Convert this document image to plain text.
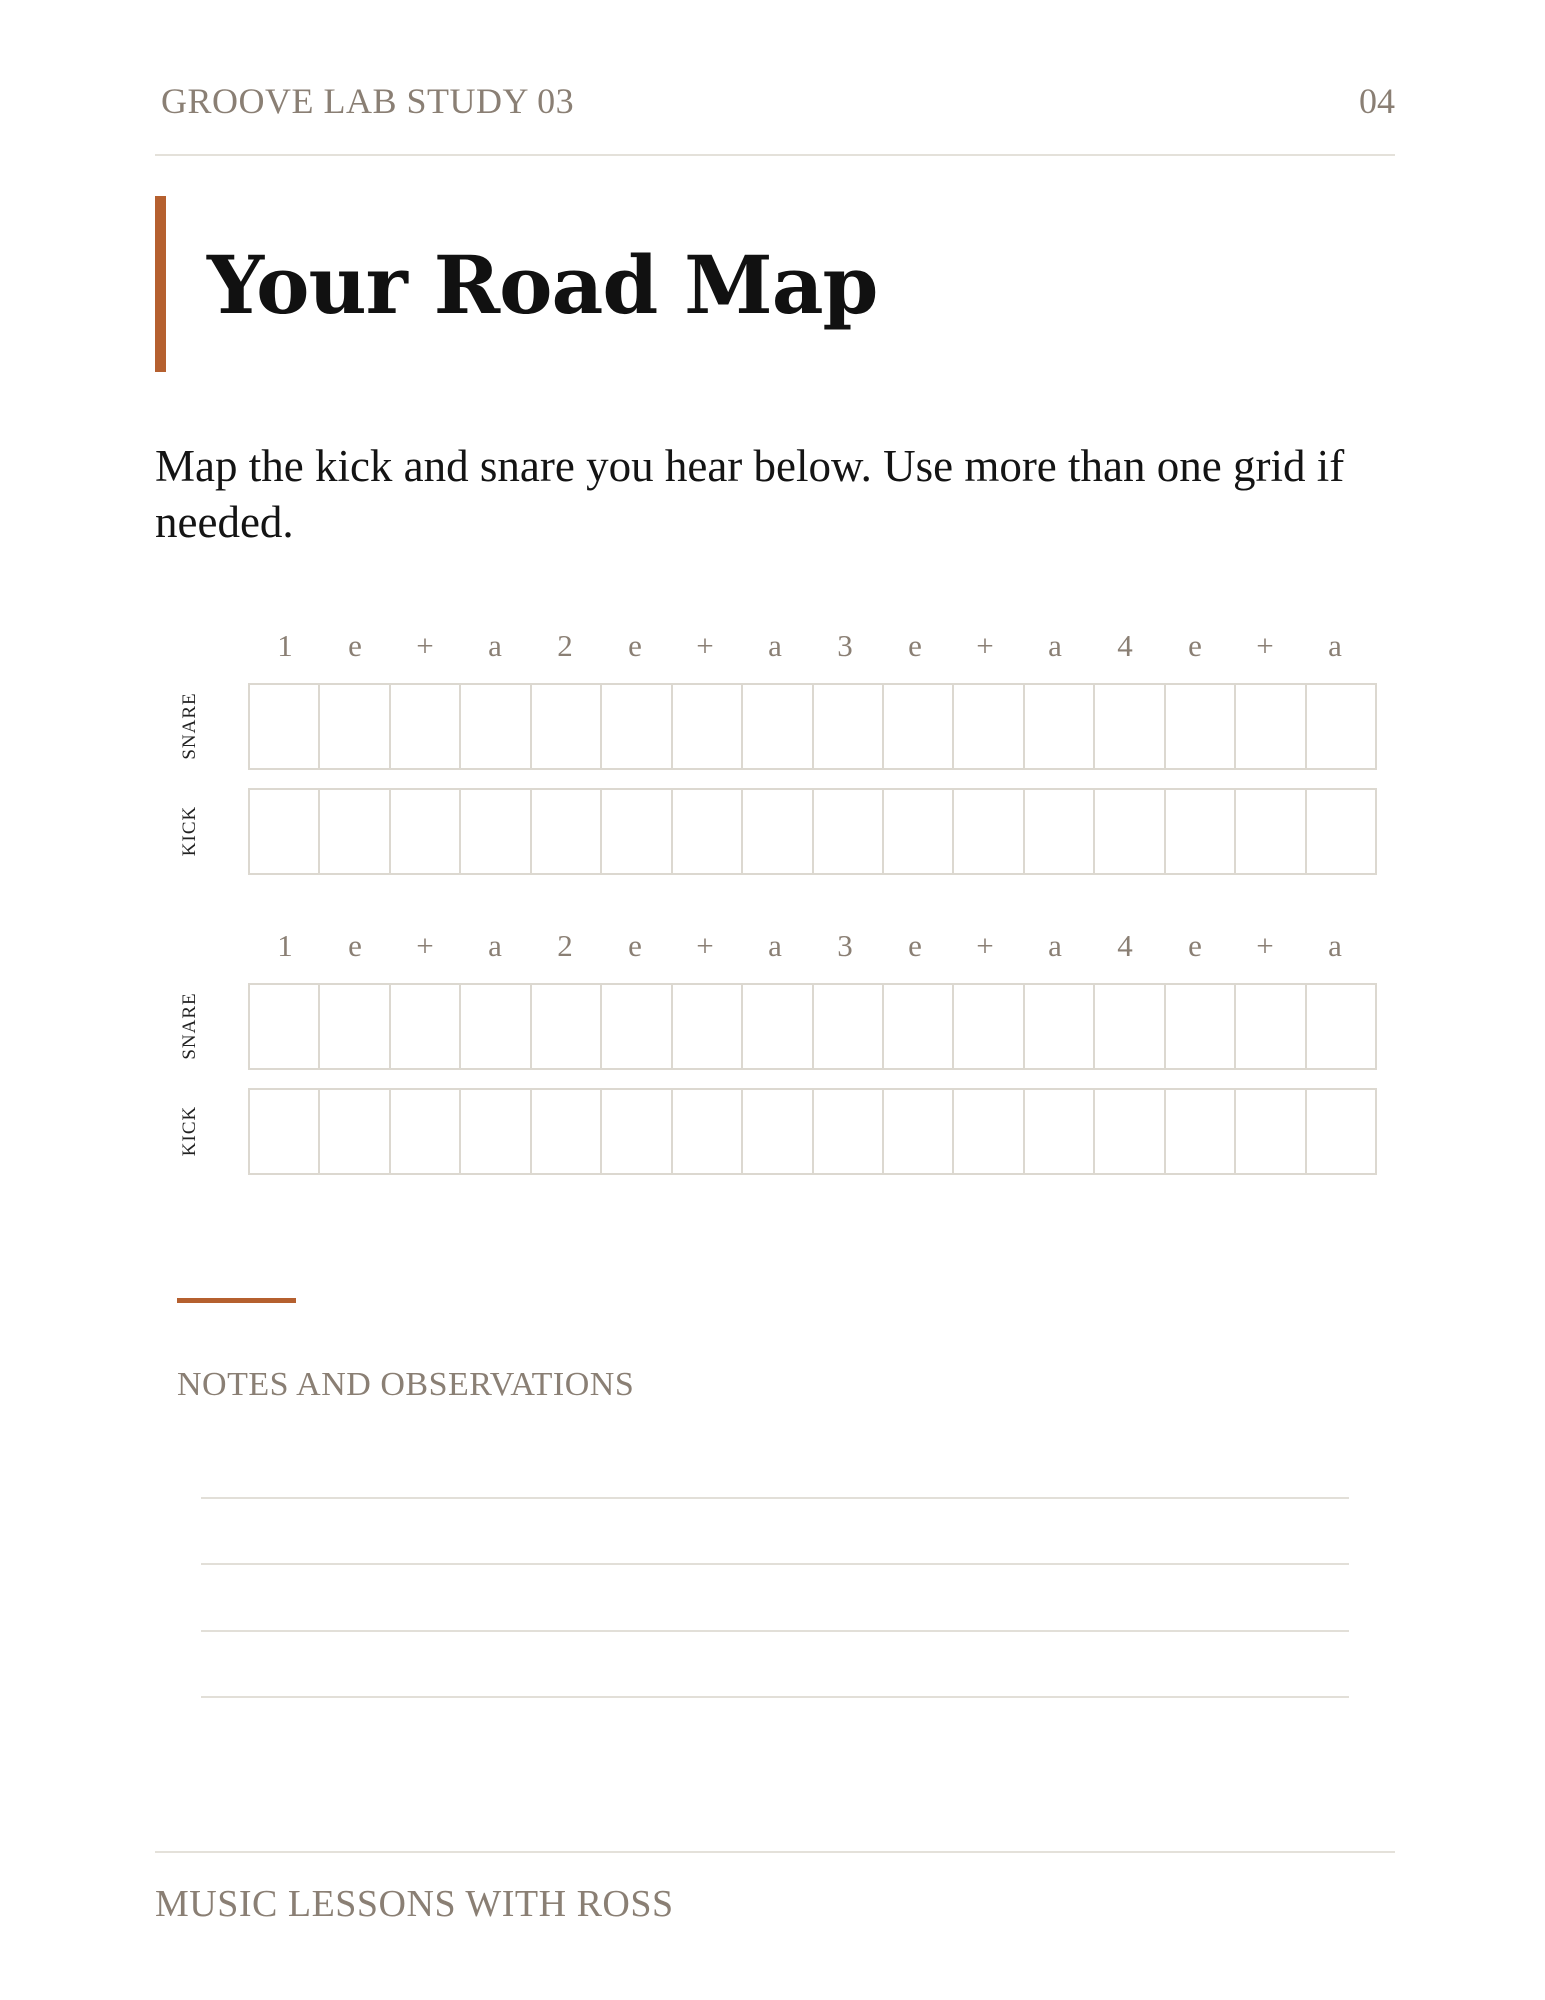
GROOVE LAB STUDY 03	04
Your Road Map
Map the kick and snare you hear below. Use more than one grid if needed.
1	e	+	a	2	e	+	a	3	e	+	a	4	e	+	a
SNARE
KICK
1	e	+	a	2	e	+	a	3	e	+	a	4	e	+	a
SNARE
KICK
NOTES AND OBSERVATIONS
MUSIC LESSONS WITH ROSS
